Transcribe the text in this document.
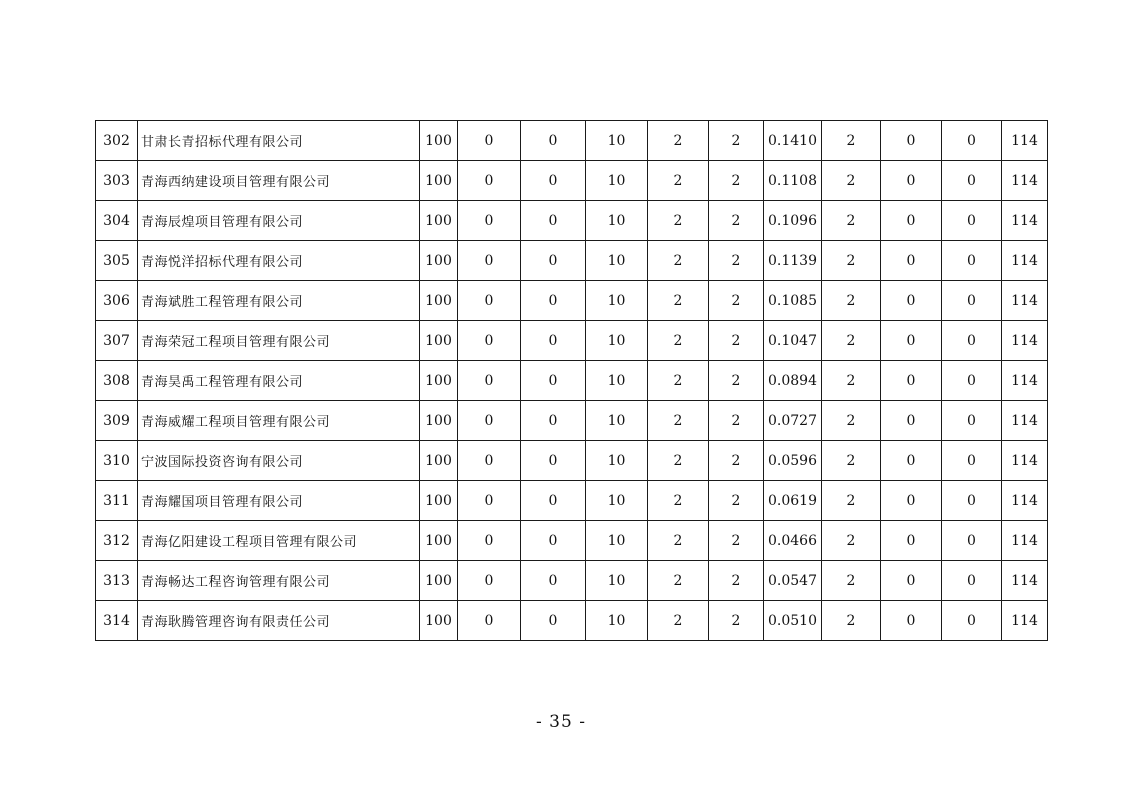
302	甘肃长青招标代理有限公司	100	0	0	10	2	2	0.1410	2	0	0	114
303	青海西纳建设项目管理有限公司	100	0	0	10	2	2	0.1108	2	0	0	114
304	青海辰煌项目管理有限公司	100	0	0	10	2	2	0.1096	2	0	0	114
305	青海悦洋招标代理有限公司	100	0	0	10	2	2	0.1139	2	0	0	114
306	青海斌胜工程管理有限公司	100	0	0	10	2	2	0.1085	2	0	0	114
307	青海荣冠工程项目管理有限公司	100	0	0	10	2	2	0.1047	2	0	0	114
308	青海昊禹工程管理有限公司	100	0	0	10	2	2	0.0894	2	0	0	114
309	青海威耀工程项目管理有限公司	100	0	0	10	2	2	0.0727	2	0	0	114
310	宁波国际投资咨询有限公司	100	0	0	10	2	2	0.0596	2	0	0	114
311	青海耀国项目管理有限公司	100	0	0	10	2	2	0.0619	2	0	0	114
312	青海亿阳建设工程项目管理有限公司	100	0	0	10	2	2	0.0466	2	0	0	114
313	青海畅达工程咨询管理有限公司	100	0	0	10	2	2	0.0547	2	0	0	114
314	青海耿腾管理咨询有限责任公司	100	0	0	10	2	2	0.0510	2	0	0	114
- 35 -
